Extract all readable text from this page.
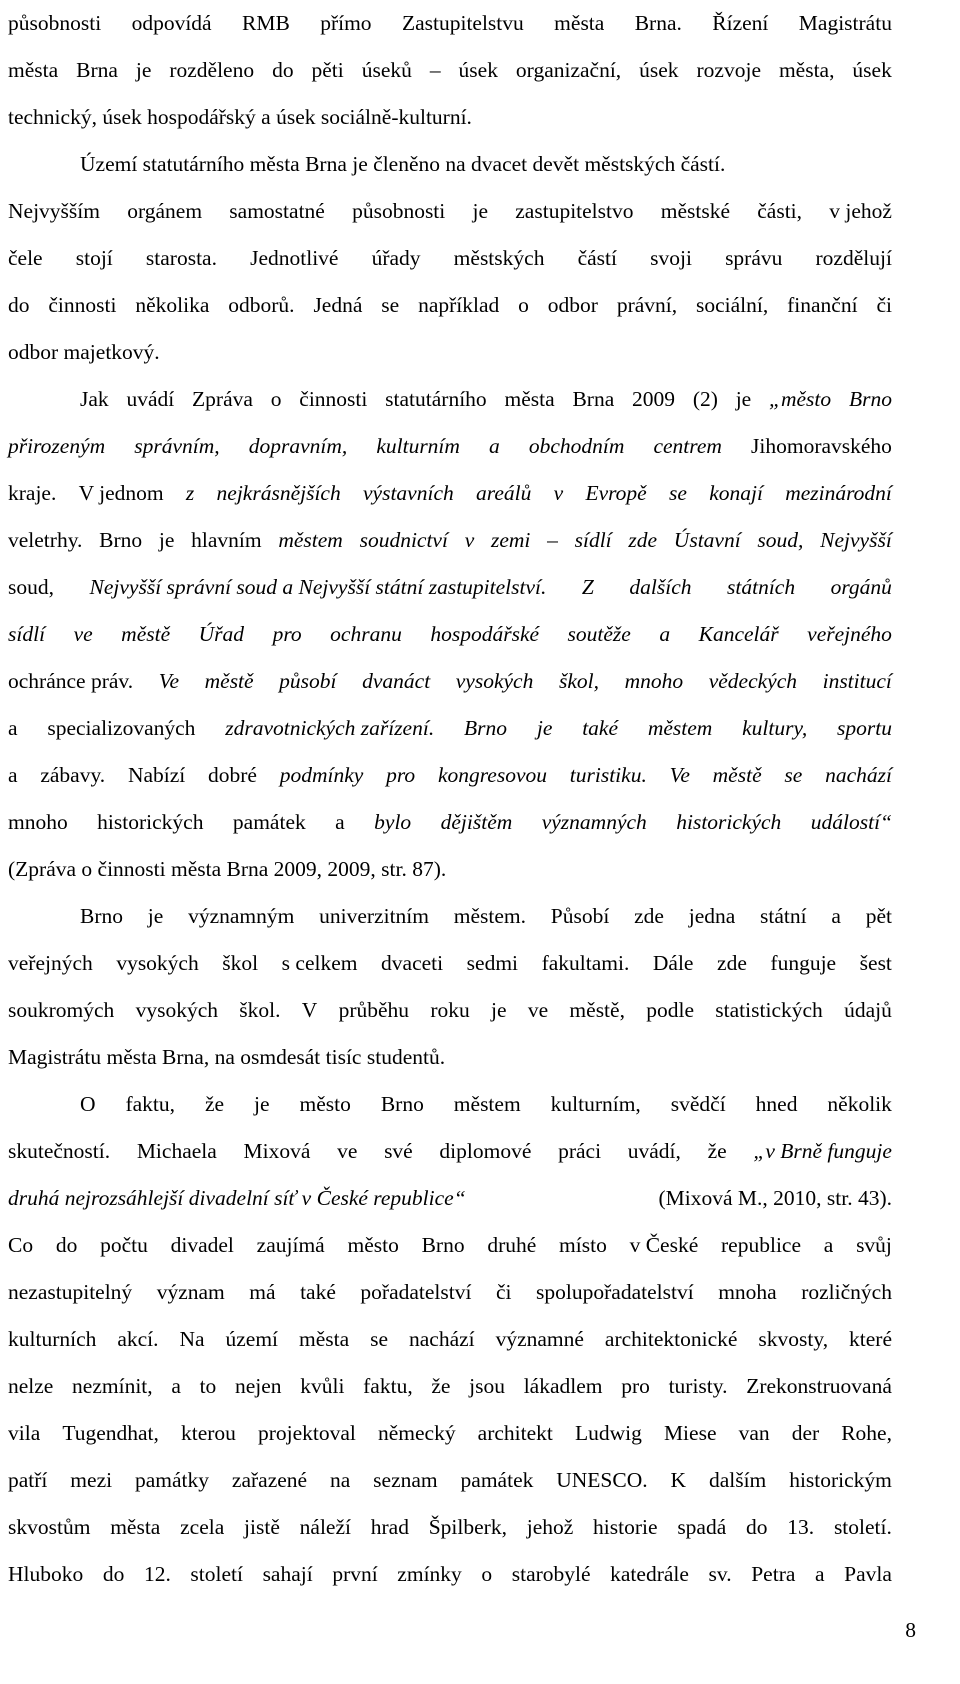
působnosti odpovídá RMB přímo Zastupitelstvu města Brna. Řízení Magistrátu
města Brna je rozděleno do pěti úseků – úsek organizační, úsek rozvoje města, úsek
technický, úsek hospodářský a úsek sociálně-kulturní.
Území statutárního města Brna je členěno na dvacet devět městských částí.
Nejvyšším orgánem samostatné působnosti je zastupitelstvo městské části, v jehož
čele stojí starosta. Jednotlivé úřady městských částí svoji správu rozdělují
do činnosti několika odborů. Jedná se například o odbor právní, sociální, finanční či
odbor majetkový.
Jak uvádí Zpráva o činnosti statutárního města Brna 2009 (2) je „město Brno
přirozeným správním, dopravním, kulturním a obchodním centrem Jihomoravského
kraje. V jednom z nejkrásnějších výstavních areálů v Evropě se konají mezinárodní
veletrhy. Brno je hlavním městem soudnictví v zemi – sídlí zde Ústavní soud, Nejvyšší
soud, Nejvyšší správní soud a Nejvyšší státní zastupitelství. Z dalších státních orgánů
sídlí ve městě Úřad pro ochranu hospodářské soutěže a Kancelář veřejného
ochránce práv. Ve městě působí dvanáct vysokých škol, mnoho vědeckých institucí
a specializovaných zdravotnických zařízení. Brno je také městem kultury, sportu
a zábavy. Nabízí dobré podmínky pro kongresovou turistiku. Ve městě se nachází
mnoho historických památek a bylo dějištěm významných historických událostí“
(Zpráva o činnosti města Brna 2009, 2009, str. 87).
Brno je významným univerzitním městem. Působí zde jedna státní a pět
veřejných vysokých škol s celkem dvaceti sedmi fakultami. Dále zde funguje šest
soukromých vysokých škol. V průběhu roku je ve městě, podle statistických údajů
Magistrátu města Brna, na osmdesát tisíc studentů.
O faktu, že je město Brno městem kulturním, svědčí hned několik
skutečností. Michaela Mixová ve své diplomové práci uvádí, že „v Brně funguje
druhá nejrozsáhlejší divadelní síť v České republice“	(Mixová M., 2010, str. 43).
Co do počtu divadel zaujímá město Brno druhé místo v České republice a svůj
nezastupitelný význam má také pořadatelství či spolupořadatelství mnoha rozličných
kulturních akcí. Na území města se nachází významné architektonické skvosty, které
nelze nezmínit, a to nejen kvůli faktu, že jsou lákadlem pro turisty. Zrekonstruovaná
vila Tugendhat, kterou projektoval německý architekt Ludwig Miese van der Rohe,
patří mezi památky zařazené na seznam památek UNESCO. K dalším historickým
skvostům města zcela jistě náleží hrad Špilberk, jehož historie spadá do 13. století.
Hluboko do 12. století sahají první zmínky o starobylé katedrále sv. Petra a Pavla
8
